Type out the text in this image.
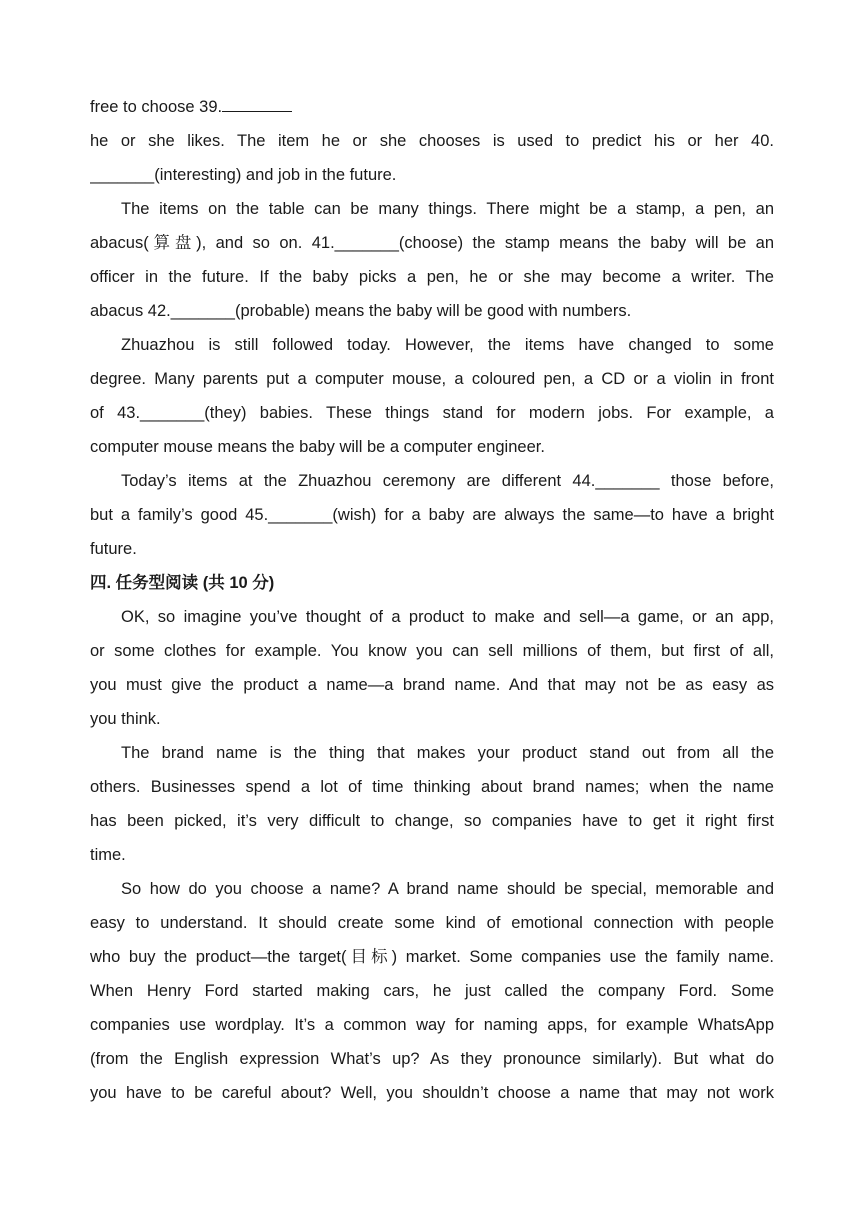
free to choose 39.
he or she likes. The item he or she chooses is used to predict his or her 40.
_______(interesting) and job in the future.
The items on the table can be many things. There might be a stamp, a pen, an
abacus(算盘), and so on. 41._______(choose) the stamp means the baby will be an
officer in the future. If the baby picks a pen, he or she may become a writer. The
abacus 42._______(probable) means the baby will be good with numbers.
Zhuazhou is still followed today. However, the items have changed to some
degree. Many parents put a computer mouse, a coloured pen, a CD or a violin in front
of 43._______(they) babies. These things stand for modern jobs. For example, a
computer mouse means the baby will be a computer engineer.
Today’s items at the Zhuazhou ceremony are different 44._______ those before,
but a family’s good 45._______(wish) for a baby are always the same—to have a bright
future.
四. 任务型阅读 (共 10 分)
OK, so imagine you’ve thought of a product to make and sell—a game, or an app,
or some clothes for example. You know you can sell millions of them, but first of all,
you must give the product a name—a brand name. And that may not be as easy as
you think.
The brand name is the thing that makes your product stand out from all the
others. Businesses spend a lot of time thinking about brand names; when the name
has been picked, it’s very difficult to change, so companies have to get it right first
time.
So how do you choose a name? A brand name should be special, memorable and
easy to understand. It should create some kind of emotional connection with people
who buy the product—the target(目标) market. Some companies use the family name.
When Henry Ford started making cars, he just called the company Ford. Some
companies use wordplay. It’s a common way for naming apps, for example WhatsApp
(from the English expression What’s up? As they pronounce similarly). But what do
you have to be careful about? Well, you shouldn’t choose a name that may not work
